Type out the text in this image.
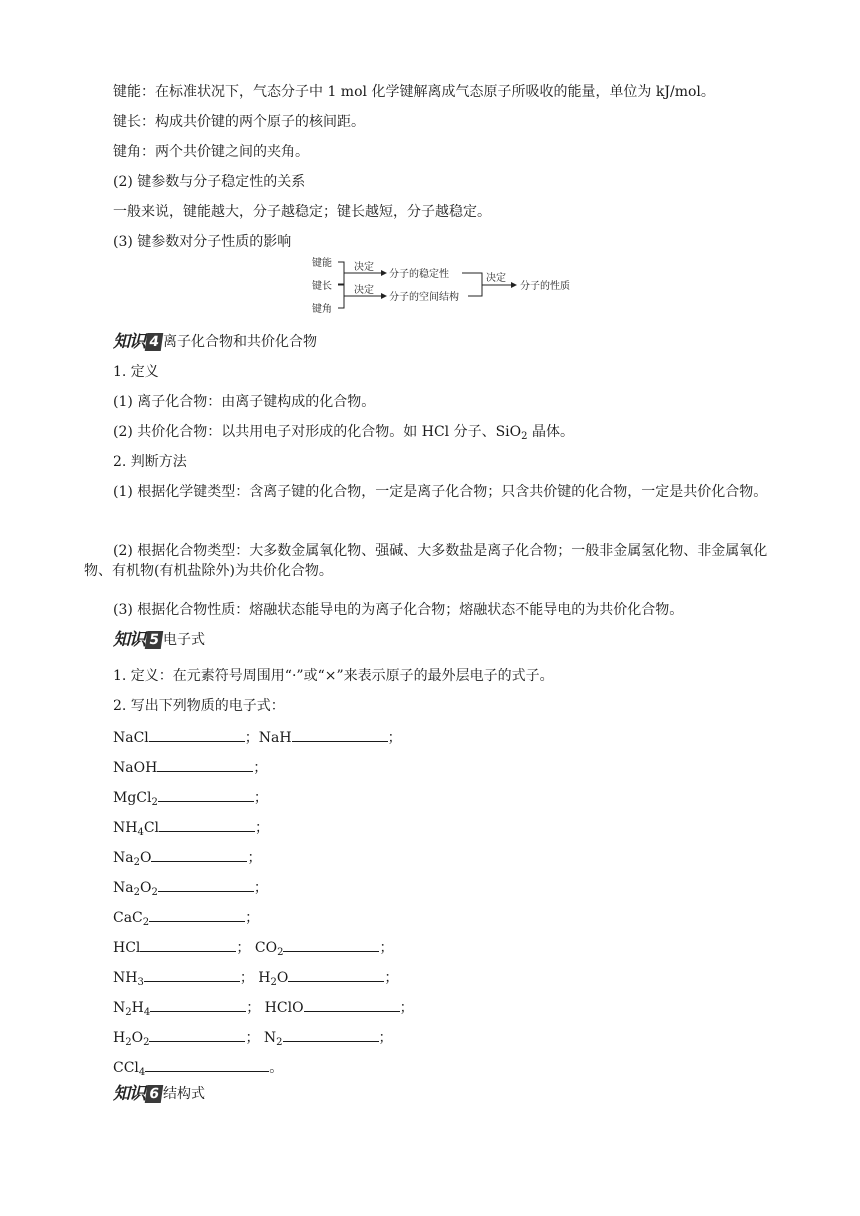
键能：在标准状况下，气态分子中 1 mol 化学键解离成气态原子所吸收的能量，单位为 kJ/mol。
键长：构成共价键的两个原子的核间距。
键角：两个共价键之间的夹角。
(2) 键参数与分子稳定性的关系
一般来说，键能越大，分子越稳定；键长越短，分子越稳定。
(3) 键参数对分子性质的影响
键能
键长
键角
决定
决定
分子的稳定性
分子的空间结构
决定
分子的性质
知识 4 离子化合物和共价化合物
1. 定义
(1) 离子化合物：由离子键构成的化合物。
(2) 共价化合物：以共用电子对形成的化合物。如 HCl 分子、SiO$_2$ 晶体。
2. 判断方法
(1) 根据化学键类型：含离子键的化合物，一定是离子化合物；只含共价键的化合物，一定是共价化合物。
(2) 根据化合物类型：大多数金属氧化物、强碱、大多数盐是离子化合物；一般非金属氢化物、非金属氧化物、有机物(有机盐除外)为共价化合物。
(3) 根据化合物性质：熔融状态能导电的为离子化合物；熔融状态不能导电的为共价化合物。
知识 5 电子式
1. 定义：在元素符号周围用“·”或“×”来表示原子的最外层电子的式子。
2. 写出下列物质的电子式：
NaCl	；NaH	；
NaOH	；
MgCl$_2$	；
$NH_4Cl$	；
$Na_2O$	；
$Na_2O_2$	；
CaC$_2$	；
HCl	； $CO_2$	；
$NH_3$	； $H_2O$	；
$N_2H_4$	； HClO	；
$H_2O_2$	； $N_2$	；
CCl$_4$	。
知识 6 结构式
